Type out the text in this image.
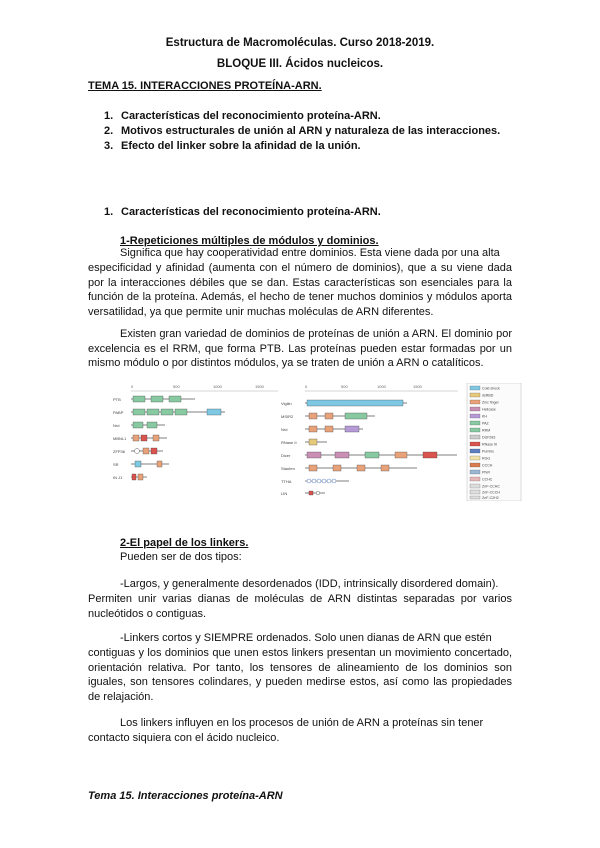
Estructura de Macromoléculas. Curso 2018-2019.
BLOQUE III. Ácidos nucleicos.
TEMA 15. INTERACCIONES PROTEÍNA-ARN.
1. Características del reconocimiento proteína-ARN.
2. Motivos estructurales de unión al ARN y naturaleza de las interacciones.
3. Efecto del linker sobre la afinidad de la unión.
1. Características del reconocimiento proteína-ARN.
1-Repeticiones múltiples de módulos y dominios.
Significa que hay cooperatividad entre dominios. Esta viene dada por una alta
especificidad y afinidad (aumenta con el número de dominios), que a su viene dada por la interacciones débiles que se dan. Estas características son esenciales para la función de la proteína. Además, el hecho de tener muchos dominios y módulos aporta versatilidad, ya que permite unir muchas moléculas de ARN diferentes.
Existen gran variedad de dominios de proteínas de unión a ARN. El dominio por excelencia es el RRM, que forma PTB. Las proteínas pueden estar formadas por un mismo módulo o por distintos módulos, ya se traten de unión a ARN o catalíticos.
0	500	1000	1500
PTB
PABP
Nrd
MBNL1
ZFP36
SR
IN J1
0	500	1000	1500
Vigilin
MSIR2
Nrd
RNase II
Dicer
Staufen
TTHA
LIN
Cold shock
dsRBD
Zinc finger
Helicase
KH
PAZ
RRM
DUF283
RNase III
Pumilio
RGG
CCCH
PIWI
CCHC
ZnF-CCHC
ZnF-CCCH
ZnF-C2H2
2-El papel de los linkers.
Pueden ser de dos tipos:
-Largos, y generalmente desordenados (IDD, intrinsically disordered domain).
Permiten unir varias dianas de moléculas de ARN distintas separadas por varios nucleótidos o contiguas.
-Linkers cortos y SIEMPRE ordenados. Solo unen dianas de ARN que estén
contiguas y los dominios que unen estos linkers presentan un movimiento concertado, orientación relativa. Por tanto, los tensores de alineamiento de los dominios son iguales, son tensores colindares, y pueden medirse estos, así como las propiedades de relajación.
Los linkers influyen en los procesos de unión de ARN a proteínas sin tener
contacto siquiera con el ácido nucleico.
Tema 15. Interacciones proteína-ARN
